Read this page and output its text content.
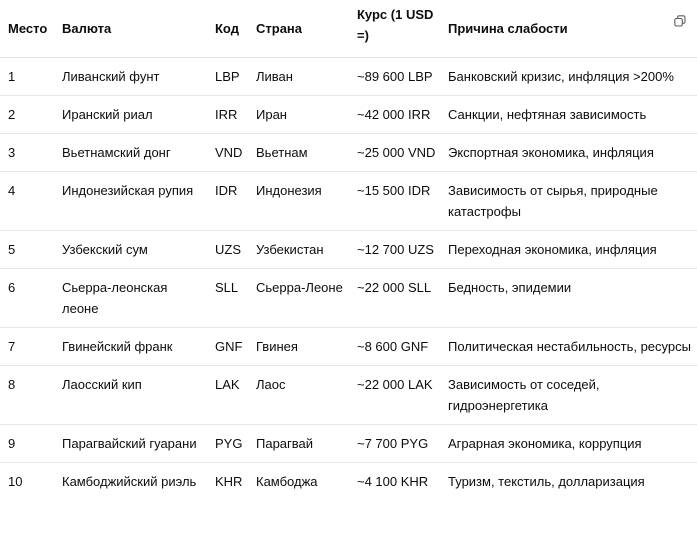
Место	Валюта	Код	Страна	Курс (1 USD =)	Причина слабости
1	Ливанский фунт	LBP	Ливан	~89 600 LBP	Банковский кризис, инфляция >200%
2	Иранский риал	IRR	Иран	~42 000 IRR	Санкции, нефтяная зависимость
3	Вьетнамский донг	VND	Вьетнам	~25 000 VND	Экспортная экономика, инфляция
4	Индонезийская рупия	IDR	Индонезия	~15 500 IDR	Зависимость от сырья, природные катастрофы
5	Узбекский сум	UZS	Узбекистан	~12 700 UZS	Переходная экономика, инфляция
6	Сьерра-леонская леоне	SLL	Сьерра-Леоне	~22 000 SLL	Бедность, эпидемии
7	Гвинейский франк	GNF	Гвинея	~8 600 GNF	Политическая нестабильность, ресурсы
8	Лаосский кип	LAK	Лаос	~22 000 LAK	Зависимость от соседей, гидроэнергетика
9	Парагвайский гуарани	PYG	Парагвай	~7 700 PYG	Аграрная экономика, коррупция
10	Камбоджийский риэль	KHR	Камбоджа	~4 100 KHR	Туризм, текстиль, долларизация
